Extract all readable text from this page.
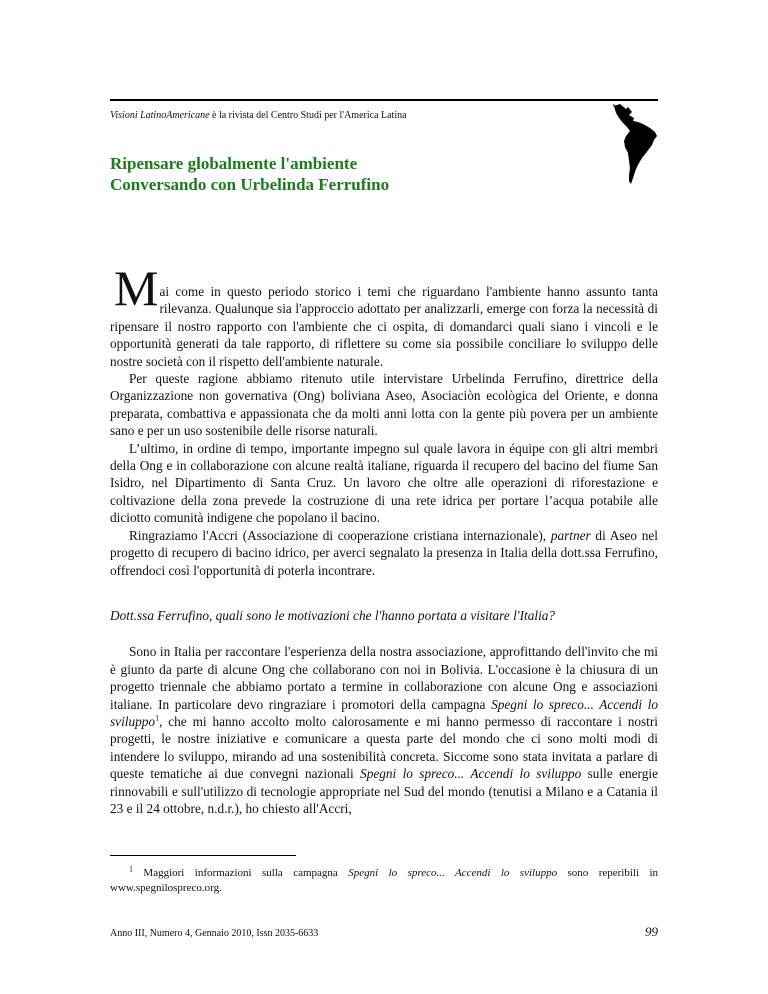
Visioni LatinoAmericane è la rivista del Centro Studi per l'America Latina
Ripensare globalmente l'ambiente
Conversando con Urbelinda Ferrufino

Mai come in questo periodo storico i temi che riguardano l'ambiente hanno assunto tanta rilevanza. Qualunque sia l'approccio adottato per analizzarli, emerge con forza la necessità di ripensare il nostro rapporto con l'ambiente che ci ospita, di domandarci quali siano i vincoli e le opportunità generati da tale rapporto, di riflettere su come sia possibile conciliare lo sviluppo delle nostre società con il rispetto dell'ambiente naturale.

Per queste ragione abbiamo ritenuto utile intervistare Urbelinda Ferrufino, direttrice della Organizzazione non governativa (Ong) boliviana Aseo, Asociaciòn ecològica del Oriente, e donna preparata, combattiva e appassionata che da molti anni lotta con la gente più povera per un ambiente sano e per un uso sostenibile delle risorse naturali.

L’ultimo, in ordine di tempo, importante impegno sul quale lavora in équipe con gli altri membri della Ong e in collaborazione con alcune realtà italiane, riguarda il recupero del bacino del fiume San Isidro, nel Dipartimento di Santa Cruz. Un lavoro che oltre alle operazioni di riforestazione e coltivazione della zona prevede la costruzione di una rete idrica per portare l’acqua potabile alle diciotto comunità indigene che popolano il bacino.

Ringraziamo l'Accri (Associazione di cooperazione cristiana internazionale), partner di Aseo nel progetto di recupero di bacino idrico, per averci segnalato la presenza in Italia della dott.ssa Ferrufino, offrendoci così l'opportunità di poterla incontrare.

Dott.ssa Ferrufino, quali sono le motivazioni che l'hanno portata a visitare l'Italia?

Sono in Italia per raccontare l'esperienza della nostra associazione, approfittando dell'invito che mi è giunto da parte di alcune Ong che collaborano con noi in Bolivia. L'occasione è la chiusura di un progetto triennale che abbiamo portato a termine in collaborazione con alcune Ong e associazioni italiane. In particolare devo ringraziare i promotori della campagna Spegni lo spreco... Accendi lo sviluppo$^1$, che mi hanno accolto molto calorosamente e mi hanno permesso di raccontare i nostri progetti, le nostre iniziative e comunicare a questa parte del mondo che ci sono molti modi di intendere lo sviluppo, mirando ad una sostenibilità concreta. Siccome sono stata invitata a parlare di queste tematiche ai due convegni nazionali Spegni lo spreco... Accendi lo sviluppo sulle energie rinnovabili e sull'utilizzo di tecnologie appropriate nel Sud del mondo (tenutisi a Milano e a Catania il 23 e il 24 ottobre, n.d.r.), ho chiesto all'Accri,

$^1$ Maggiori informazioni sulla campagna Spegni lo spreco... Accendi lo sviluppo sono reperibili in www.spegnilospreco.org.
Anno III, Numero 4, Gennaio 2010, Issn 2035-6633	99
